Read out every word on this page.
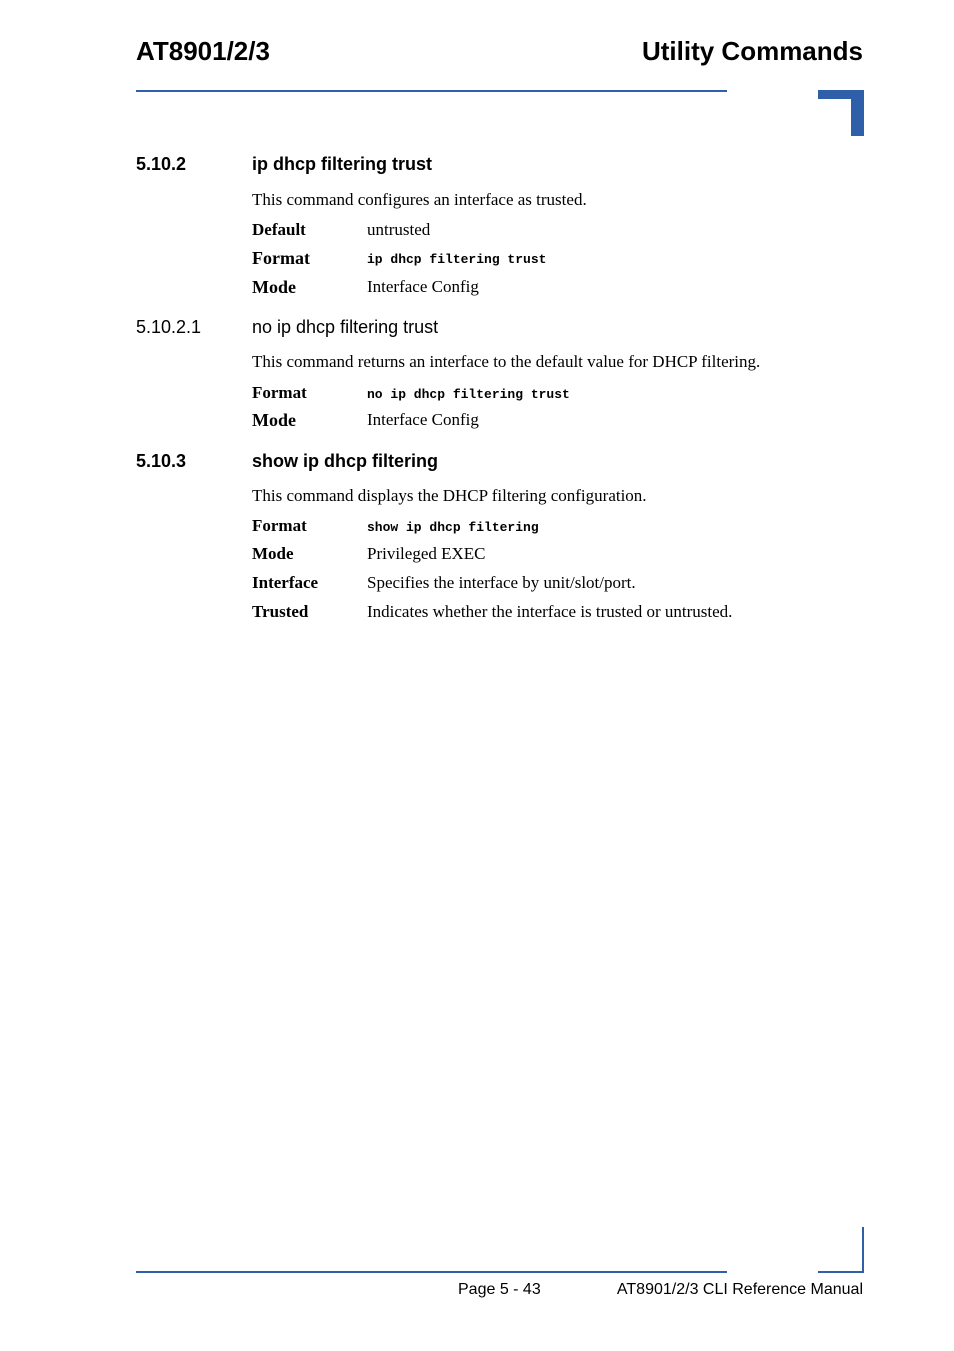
AT8901/2/3	Utility Commands
5.10.2	ip dhcp filtering trust
This command configures an interface as trusted.
Default	untrusted
Format	ip dhcp filtering trust
Mode	Interface Config
5.10.2.1	no ip dhcp filtering trust
This command returns an interface to the default value for DHCP filtering.
Format	no ip dhcp filtering trust
Mode	Interface Config
5.10.3	show ip dhcp filtering
This command displays the DHCP filtering configuration.
Format	show ip dhcp filtering
Mode	Privileged EXEC
Interface	Specifies the interface by unit/slot/port.
Trusted	Indicates whether the interface is trusted or untrusted.
Page 5 - 43	AT8901/2/3 CLI Reference Manual
